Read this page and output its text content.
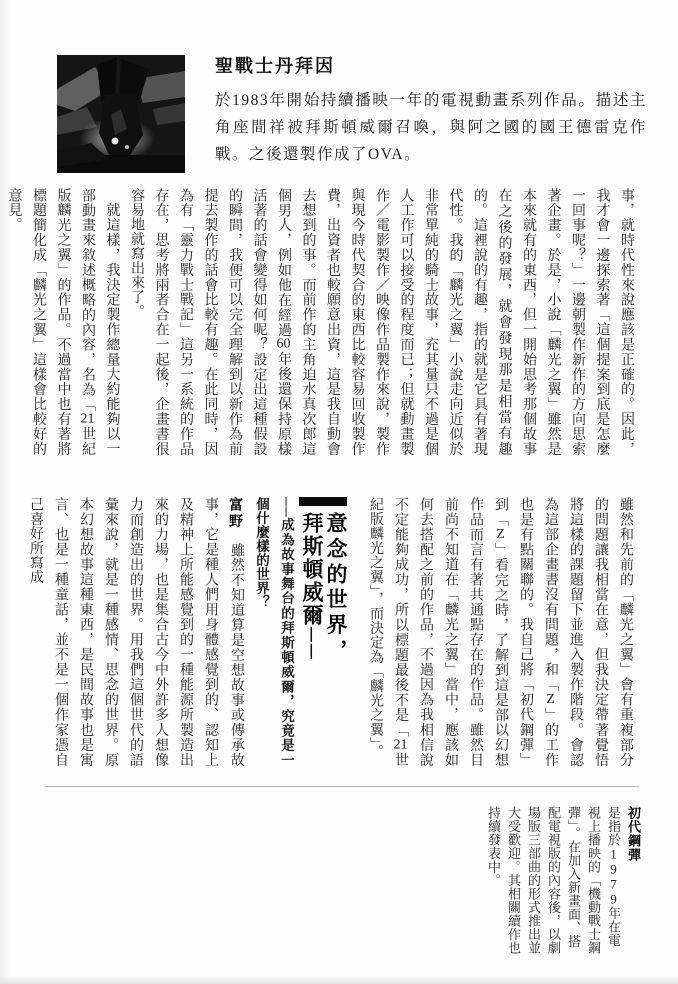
聖戰士丹拜因

於1983年開始持續播映一年的電視動畫系列作品。描述主角座間祥被拜斯頓威爾召喚，與阿之國的國王德雷克作戰。之後還製作成了OVA。

事，就時代性來說應該是正確的。因此，我才會一邊探索著「這個提案到底是怎麼一回事呢？」一邊朝製作新作的方向思索著企畫。於是，小說「麟光之翼」雖然是本來就有的東西，但一開始思考那個故事在之後的發展，就會發現那是相當有趣的。這裡說的有趣，指的就是它具有著現代性。我的「麟光之翼」小說走向近似於非常單純的騎士故事，充其量只不過是個人工作可以接受的程度而已；但就動畫製作／電影製作／映像作品製作來說，製作與現今時代契合的東西比較容易回收製作費，出資者也較願意出資，這是我自動會去想到的事。而前作的主角迫水真次郎這個男人，例如他在經過60年後還保持原樣活著的話會變得如何呢？設定出這種假設的瞬間，我便可以完全理解到以新作為前提去製作的話會比較有趣。在此同時，因為有「靈力戰士戰記」這另一系統的作品存在，思考將兩者合在一起後，企畫書很容易地就寫出來了。

　就這樣，我決定製作總量大約能夠以一部動畫來敘述概略的內容，名為「21世紀版麟光之翼」的作品。不過當中也有著將標題簡化成「麟光之翼」這樣會比較好的意見。

雖然和先前的「麟光之翼」會有重複部分的問題讓我相當在意，但我決定帶著覺悟將這樣的課題留下並進入製作階段。會認為這部企畫書沒有問題，和「Z」的工作也是有點關聯的。我自己將「初代鋼彈」到「Z」看完之時，了解到這是部以幻想作品而言有著共通點存在的作品。雖然目前尚不知道在「麟光之翼」當中，應該如何去搭配之前的作品，不過因為我相信說不定能夠成功，所以標題最後不是「21世紀版麟光之翼」，而決定為「麟光之翼」。

意念的世界，拜斯頓威爾──

──成為故事舞台的拜斯頓威爾，究竟是一個什麼樣的世界？

富野雖然不知道算是空想故事或傳承故事，它是種人們用身體感覺到的、認知上及精神上所能感覺到的一種能源所製造出來的力場，也是集合古今中外許多人想像力而創造出的世界。用我們這個世代的語彙來說，就是一種感情、思念的世界。原本幻想故事這種東西，是民間故事也是寓言、也是一種童話，並不是一個作家憑自己喜好所寫成

初代鋼彈
是指於1979年在電視上播映的「機動戰士鋼彈」。在加入新畫面、搭配電視版的內容後，以劇場版三部曲的形式推出並大受歡迎。其相關續作也持續發表中。
